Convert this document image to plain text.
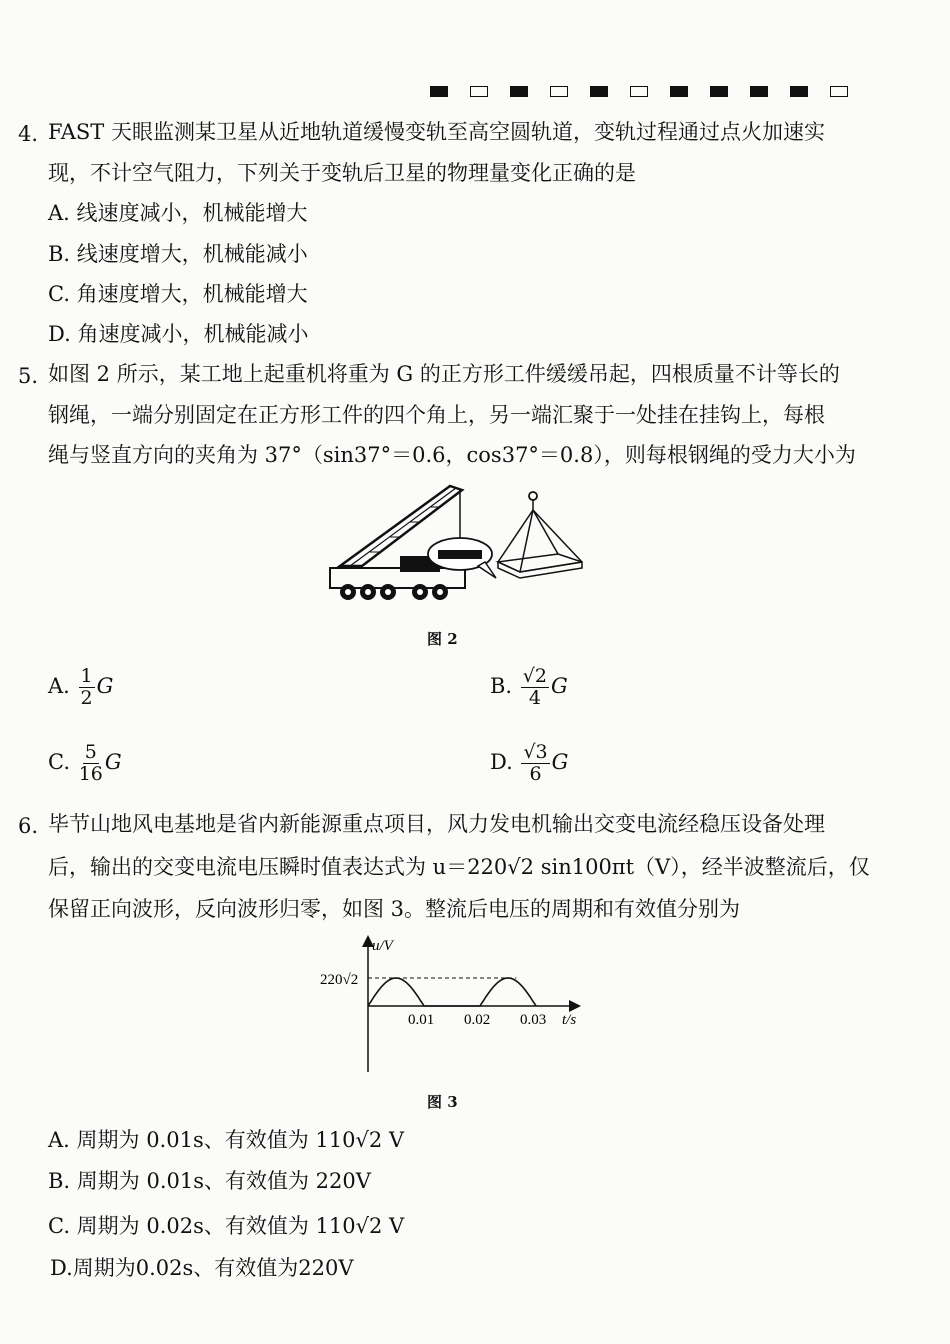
4. FAST 天眼监测某卫星从近地轨道缓慢变轨至高空圆轨道，变轨过程通过点火加速实
现，不计空气阻力，下列关于变轨后卫星的物理量变化正确的是
A. 线速度减小，机械能增大
B. 线速度增大，机械能减小
C. 角速度增大，机械能增大
D. 角速度减小，机械能减小
5. 如图 2 所示，某工地上起重机将重为 G 的正方形工件缓缓吊起，四根质量不计等长的
钢绳，一端分别固定在正方形工件的四个角上，另一端汇聚于一处挂在挂钩上，每根
绳与竖直方向的夹角为 37°（sin37°＝0.6，cos37°＝0.8），则每根钢绳的受力大小为
图 2
A. $\frac{1}{2}$ G	B. $\frac{√2}{4}$ G
C. $\frac{5}{16}$ G	D. $\frac{√3}{6}$ G
6. 毕节山地风电基地是省内新能源重点项目，风力发电机输出交变电流经稳压设备处理
后，输出的交变电流电压瞬时值表达式为 u＝220√2 sin100πt（V），经半波整流后，仅
保留正向波形，反向波形归零，如图 3。整流后电压的周期和有效值分别为
u/V
220√2
t/s
0.01 0.02 0.03
图 3
A. 周期为 0.01s、有效值为 110√2 V
B. 周期为 0.01s、有效值为 220V
C. 周期为 0.02s、有效值为 110√2 V
D.周期为0.02s、有效值为220V
